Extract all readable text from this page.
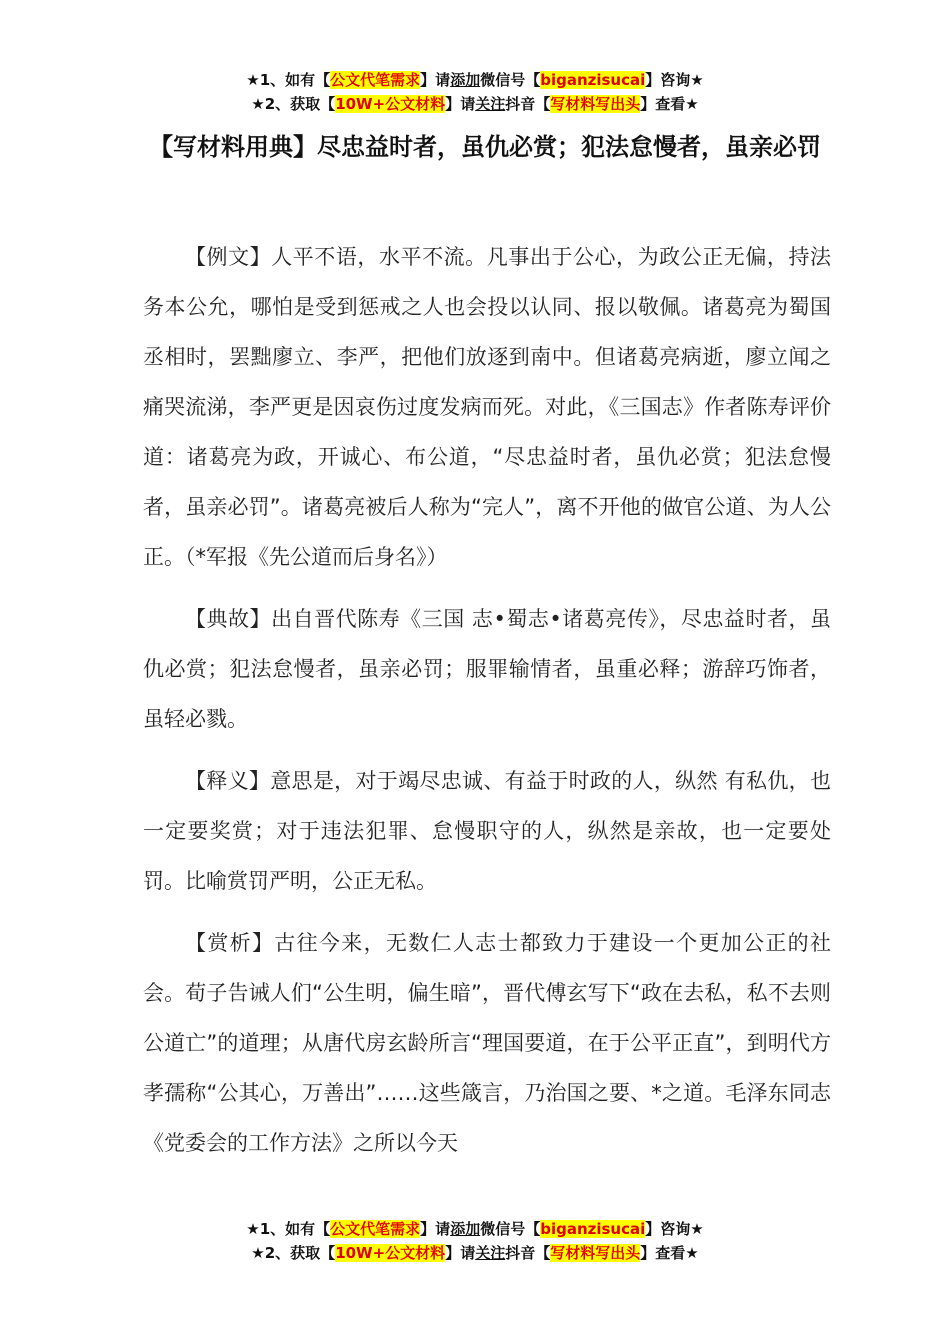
★1、如有【公文代笔需求】请添加微信号【biganzisucai】咨询★
★2、获取【10W+公文材料】请关注抖音【写材料写出头】查看★
【写材料用典】尽忠益时者，虽仇必赏；犯法怠慢者，虽亲必罚

【例文】人平不语，水平不流。凡事出于公心，为政公正无偏，持法务本公允，哪怕是受到惩戒之人也会投以认同、报以敬佩。诸葛亮为蜀国丞相时，罢黜廖立、李严，把他们放逐到南中。但诸葛亮病逝，廖立闻之痛哭流涕，李严更是因哀伤过度发病而死。对此，《三国志》作者陈寿评价道：诸葛亮为政，开诚心、布公道，“尽忠益时者，虽仇必赏；犯法怠慢者，虽亲必罚”。诸葛亮被后人称为“完人”，离不开他的做官公道、为人公正。（*军报《先公道而后身名》）

【典故】出自晋代陈寿《三国 志•蜀志•诸葛亮传》，尽忠益时者，虽仇必赏；犯法怠慢者，虽亲必罚；服罪输情者，虽重必释；游辞巧饰者，虽轻必戮。

【释义】意思是，对于竭尽忠诚、有益于时政的人，纵然 有私仇，也一定要奖赏；对于违法犯罪、怠慢职守的人，纵然是亲故，也一定要处 罚。比喻赏罚严明，公正无私。

【赏析】古往今来，无数仁人志士都致力于建设一个更加公正的社会。荀子告诫人们“公生明，偏生暗”，晋代傅玄写下“政在去私，私不去则公道亡”的道理；从唐代房玄龄所言“理国要道，在于公平正直”，到明代方孝孺称“公其心，万善出”……这些箴言，乃治国之要、*之道。毛泽东同志《党委会的工作方法》之所以今天

★1、如有【公文代笔需求】请添加微信号【biganzisucai】咨询★
★2、获取【10W+公文材料】请关注抖音【写材料写出头】查看★
